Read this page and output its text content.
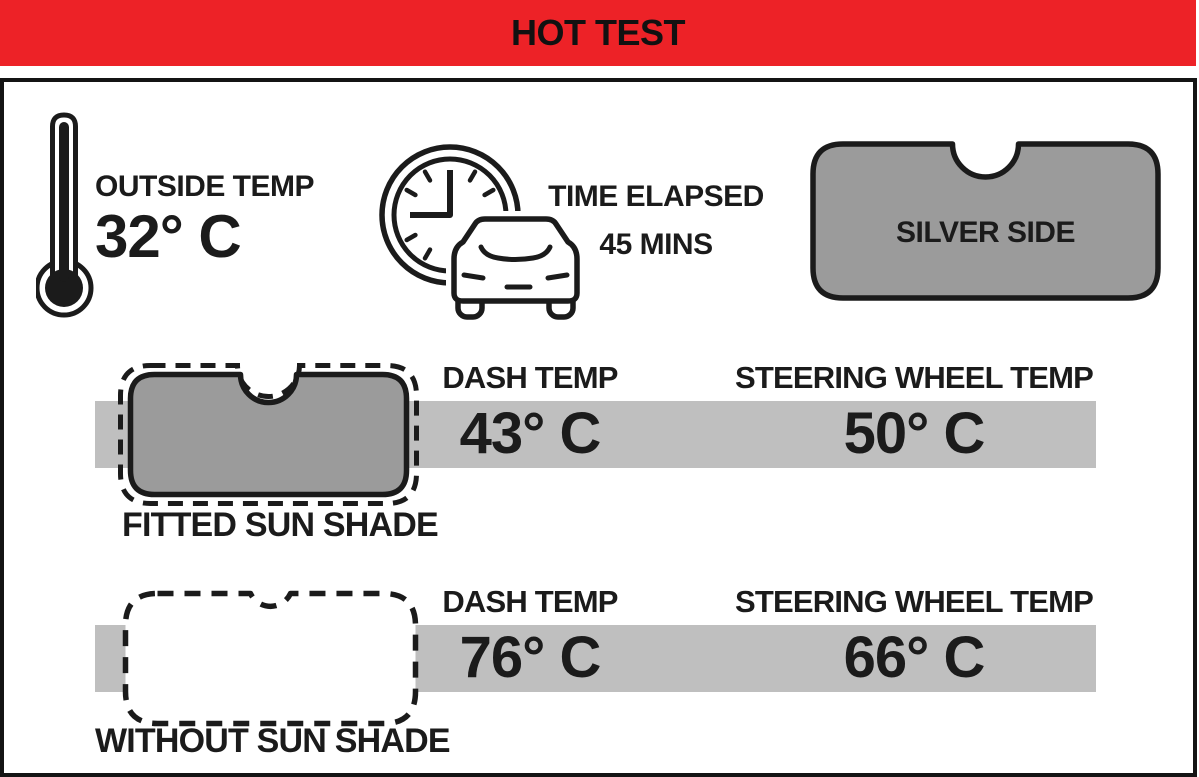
HOT TEST
OUTSIDE TEMP
32° C
TIME ELAPSED
45 MINS	SILVER SIDE
DASH TEMP
43° C
STEERING WHEEL TEMP
50° C
FITTED SUN SHADE
DASH TEMP
76° C
STEERING WHEEL TEMP
66° C
WITHOUT SUN SHADE
